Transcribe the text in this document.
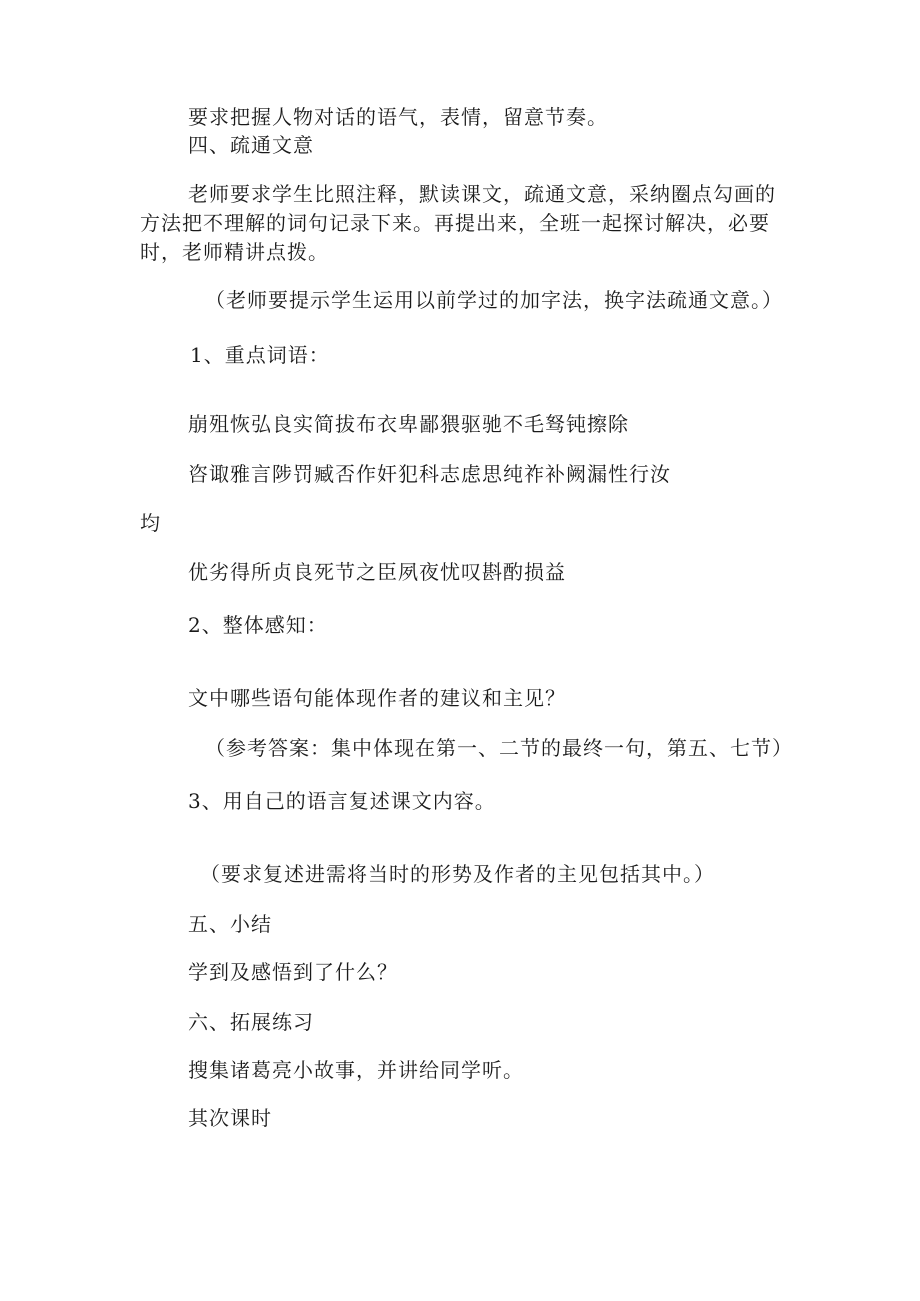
要求把握人物对话的语气，表情，留意节奏。
四、疏通文意
老师要求学生比照注释，默读课文，疏通文意，采纳圈点勾画的方法把不理解的词句记录下来。再提出来，全班一起探讨解决，必要时，老师精讲点拨。
（老师要提示学生运用以前学过的加字法，换字法疏通文意。）
1、重点词语：
崩殂恢弘良实简拔布衣卑鄙猥驱驰不毛驽钝擦除
咨诹雅言陟罚臧否作奸犯科志虑思纯祚补阙漏性行汝
均
优劣得所贞良死节之臣夙夜忧叹斟酌损益
2、整体感知：
文中哪些语句能体现作者的建议和主见？
（参考答案：集中体现在第一、二节的最终一句，第五、七节）
3、用自己的语言复述课文内容。
（要求复述进需将当时的形势及作者的主见包括其中。）
五、小结
学到及感悟到了什么？
六、拓展练习
搜集诸葛亮小故事，并讲给同学听。
其次课时
